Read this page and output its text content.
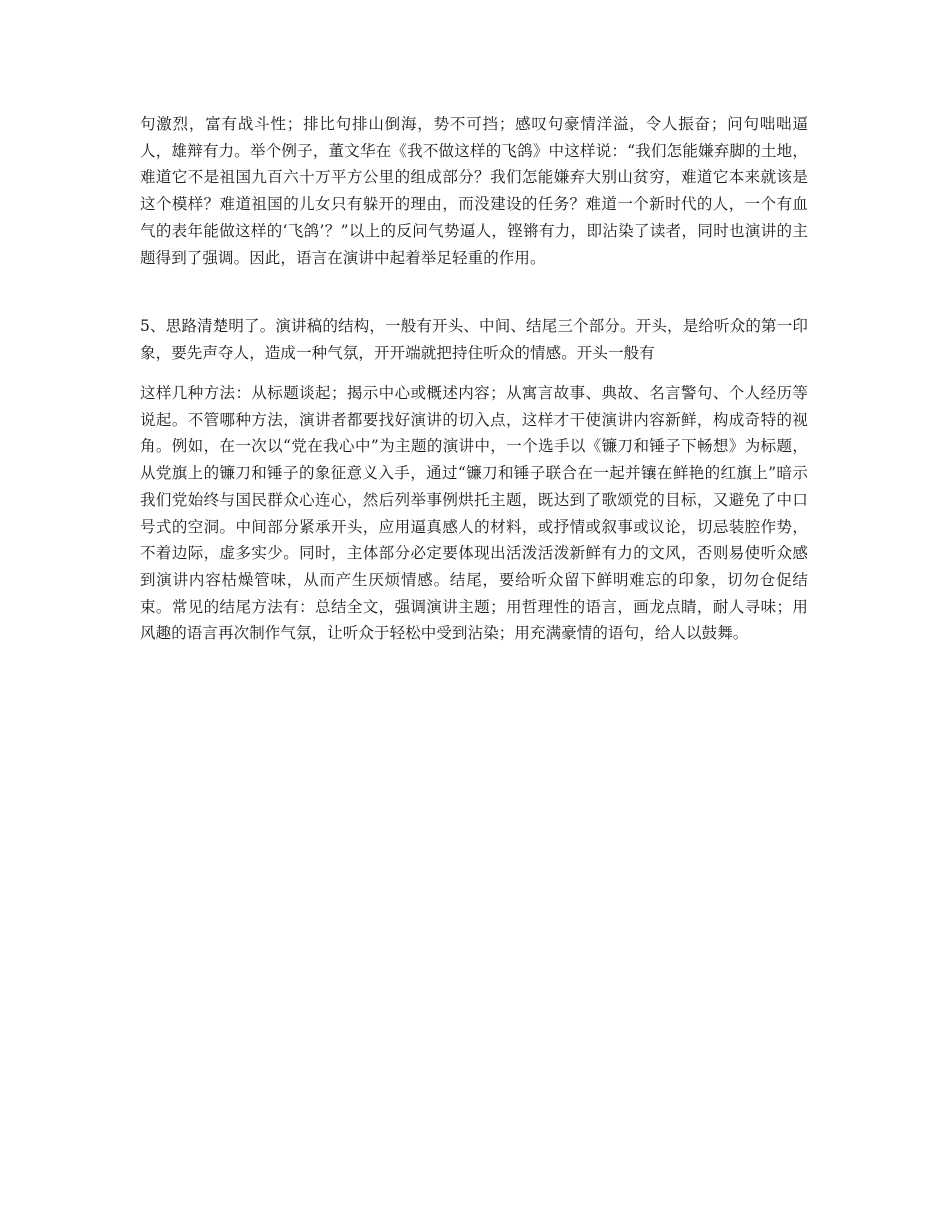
句激烈，富有战斗性；排比句排山倒海，势不可挡；感叹句豪情洋溢，令人振奋；问句咄咄逼人，雄辩有力。举个例子，董文华在《我不做这样的飞鸽》中这样说：“我们怎能嫌弃脚的土地，难道它不是祖国九百六十万平方公里的组成部分？我们怎能嫌弃大别山贫穷，难道它本来就该是这个模样？难道祖国的儿女只有躲开的理由，而没建设的任务？难道一个新时代的人，一个有血气的表年能做这样的‘飞鸽’？”以上的反问气势逼人，铿锵有力，即沾染了读者，同时也演讲的主题得到了强调。因此，语言在演讲中起着举足轻重的作用。

5、思路清楚明了。演讲稿的结构，一般有开头、中间、结尾三个部分。开头，是给听众的第一印象，要先声夺人，造成一种气氛，开开端就把持住听众的情感。开头一般有

这样几种方法：从标题谈起；揭示中心或概述内容；从寓言故事、典故、名言警句、个人经历等说起。不管哪种方法，演讲者都要找好演讲的切入点，这样才干使演讲内容新鲜，构成奇特的视角。例如，在一次以“党在我心中”为主题的演讲中，一个选手以《镰刀和锤子下畅想》为标题，从党旗上的镰刀和锤子的象征意义入手，通过“镰刀和锤子联合在一起并镶在鲜艳的红旗上”暗示我们党始终与国民群众心连心，然后列举事例烘托主题，既达到了歌颂党的目标，又避免了中口号式的空洞。中间部分紧承开头，应用逼真感人的材料，或抒情或叙事或议论，切忌装腔作势，不着边际，虚多实少。同时，主体部分必定要体现出活泼活泼新鲜有力的文风，否则易使听众感到演讲内容枯燥管味，从而产生厌烦情感。结尾，要给听众留下鲜明难忘的印象，切勿仓促结束。常见的结尾方法有：总结全文，强调演讲主题；用哲理性的语言，画龙点睛，耐人寻味；用风趣的语言再次制作气氛，让听众于轻松中受到沾染；用充满豪情的语句，给人以鼓舞。
